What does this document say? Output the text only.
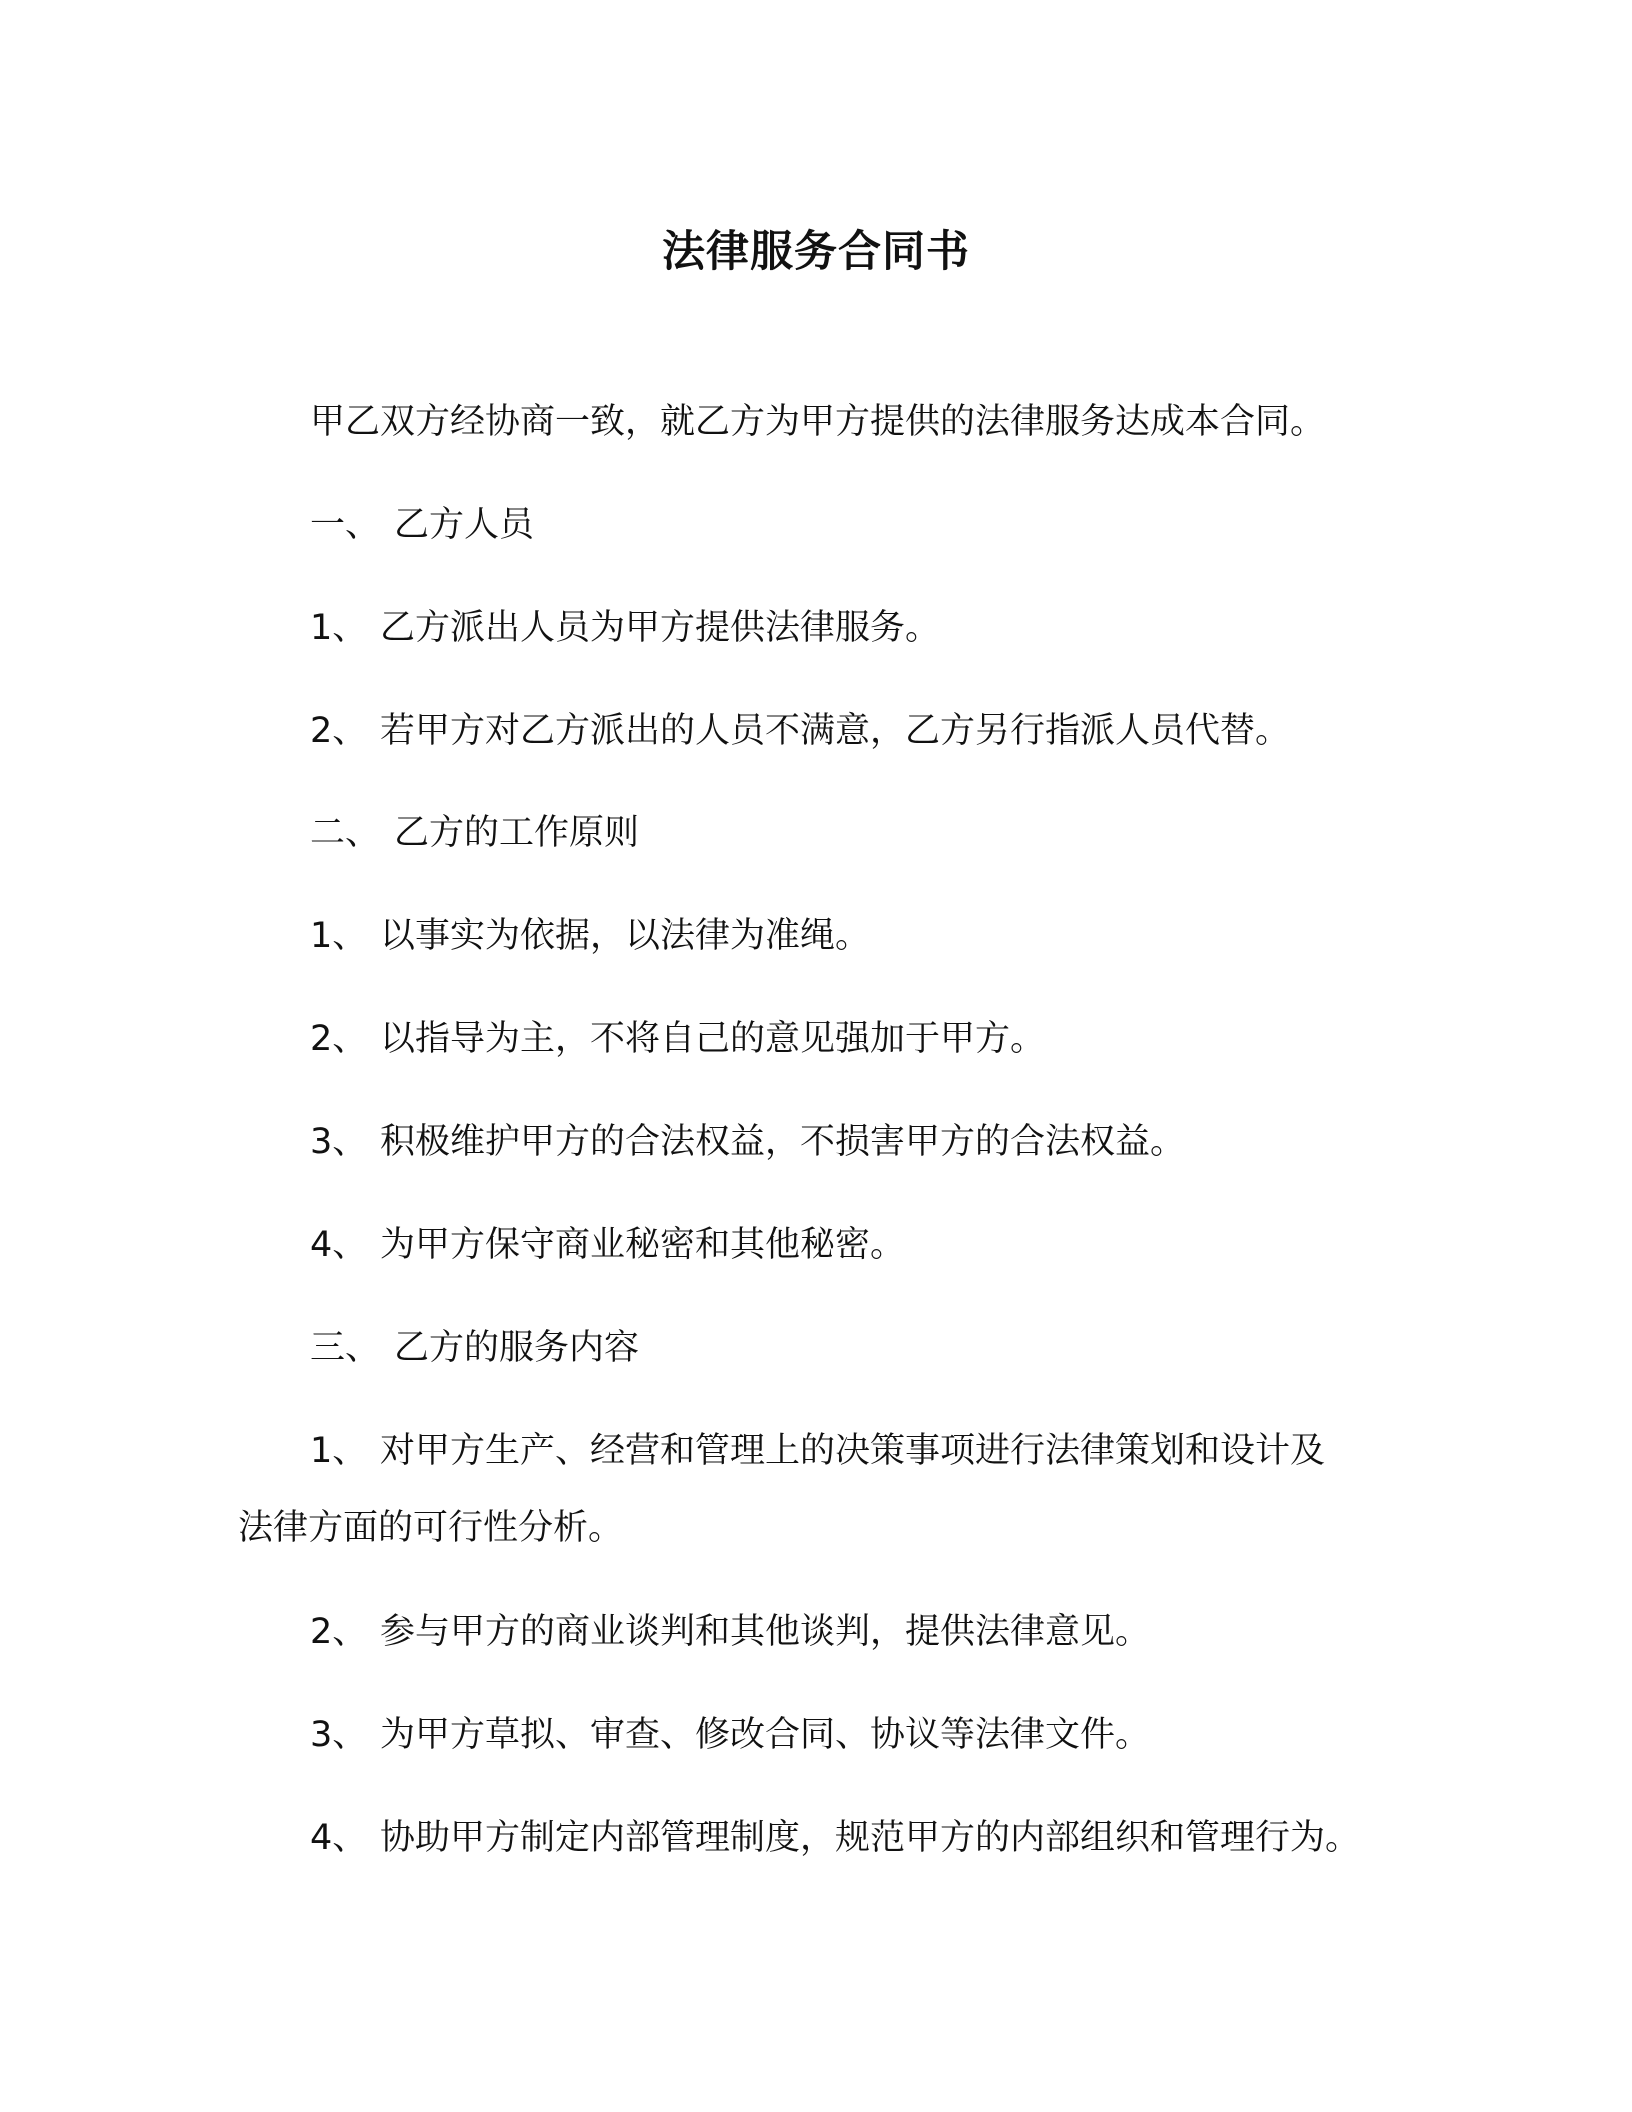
法律服务合同书
甲乙双方经协商一致，就乙方为甲方提供的法律服务达成本合同。
一、 乙方人员
1、 乙方派出人员为甲方提供法律服务。
2、 若甲方对乙方派出的人员不满意，乙方另行指派人员代替。
二、 乙方的工作原则
1、 以事实为依据，以法律为准绳。
2、 以指导为主，不将自己的意见强加于甲方。
3、 积极维护甲方的合法权益，不损害甲方的合法权益。
4、 为甲方保守商业秘密和其他秘密。
三、 乙方的服务内容
1、 对甲方生产、经营和管理上的决策事项进行法律策划和设计及
法律方面的可行性分析。
2、 参与甲方的商业谈判和其他谈判，提供法律意见。
3、 为甲方草拟、审查、修改合同、协议等法律文件。
4、 协助甲方制定内部管理制度，规范甲方的内部组织和管理行为。
